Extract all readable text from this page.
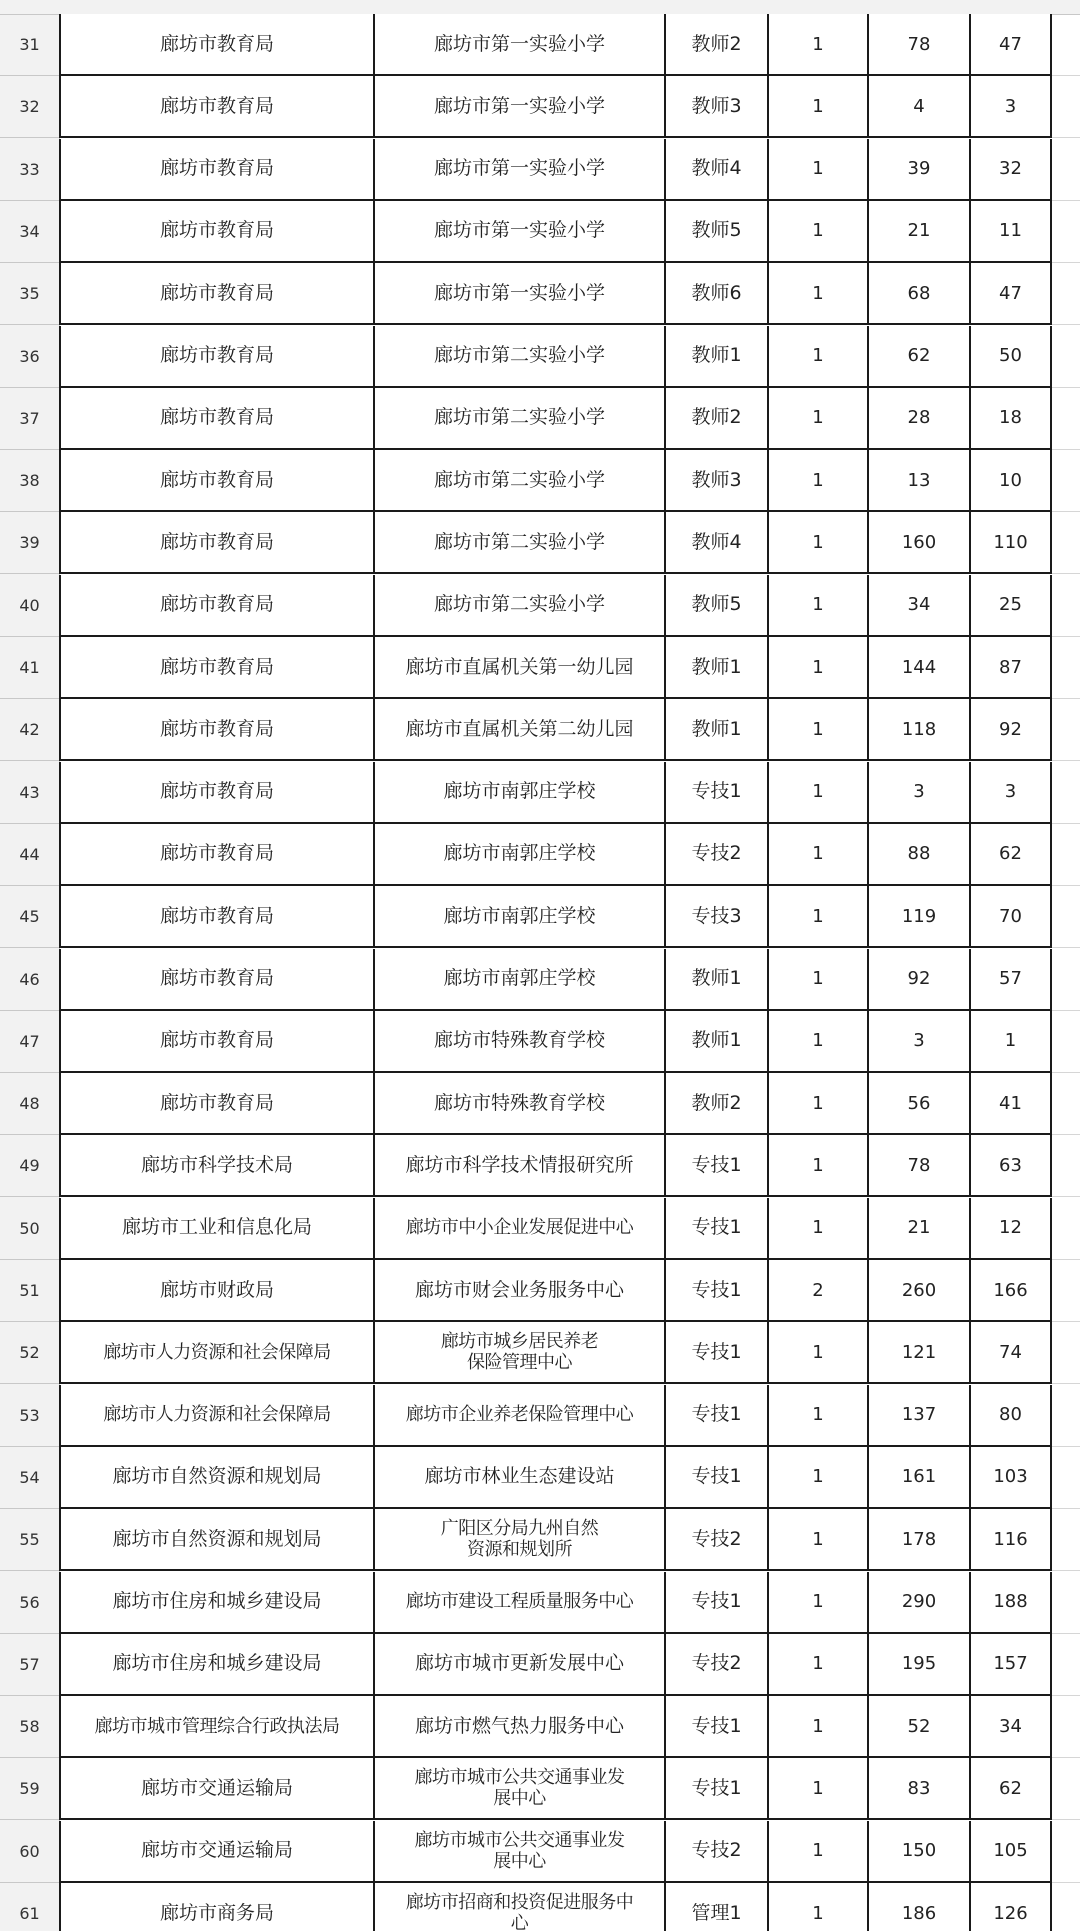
31	廊坊市教育局	廊坊市第一实验小学	教师2	1	78	47
32	廊坊市教育局	廊坊市第一实验小学	教师3	1	4	3
33	廊坊市教育局	廊坊市第一实验小学	教师4	1	39	32
34	廊坊市教育局	廊坊市第一实验小学	教师5	1	21	11
35	廊坊市教育局	廊坊市第一实验小学	教师6	1	68	47
36	廊坊市教育局	廊坊市第二实验小学	教师1	1	62	50
37	廊坊市教育局	廊坊市第二实验小学	教师2	1	28	18
38	廊坊市教育局	廊坊市第二实验小学	教师3	1	13	10
39	廊坊市教育局	廊坊市第二实验小学	教师4	1	160	110
40	廊坊市教育局	廊坊市第二实验小学	教师5	1	34	25
41	廊坊市教育局	廊坊市直属机关第一幼儿园	教师1	1	144	87
42	廊坊市教育局	廊坊市直属机关第二幼儿园	教师1	1	118	92
43	廊坊市教育局	廊坊市南郭庄学校	专技1	1	3	3
44	廊坊市教育局	廊坊市南郭庄学校	专技2	1	88	62
45	廊坊市教育局	廊坊市南郭庄学校	专技3	1	119	70
46	廊坊市教育局	廊坊市南郭庄学校	教师1	1	92	57
47	廊坊市教育局	廊坊市特殊教育学校	教师1	1	3	1
48	廊坊市教育局	廊坊市特殊教育学校	教师2	1	56	41
49	廊坊市科学技术局	廊坊市科学技术情报研究所	专技1	1	78	63
50	廊坊市工业和信息化局	廊坊市中小企业发展促进中心	专技1	1	21	12
51	廊坊市财政局	廊坊市财会业务服务中心	专技1	2	260	166
52	廊坊市人力资源和社会保障局	廊坊市城乡居民养老
保险管理中心	专技1	1	121	74
53	廊坊市人力资源和社会保障局	廊坊市企业养老保险管理中心	专技1	1	137	80
54	廊坊市自然资源和规划局	廊坊市林业生态建设站	专技1	1	161	103
55	廊坊市自然资源和规划局	广阳区分局九州自然
资源和规划所	专技2	1	178	116
56	廊坊市住房和城乡建设局	廊坊市建设工程质量服务中心	专技1	1	290	188
57	廊坊市住房和城乡建设局	廊坊市城市更新发展中心	专技2	1	195	157
58	廊坊市城市管理综合行政执法局	廊坊市燃气热力服务中心	专技1	1	52	34
59	廊坊市交通运输局	廊坊市城市公共交通事业发
展中心	专技1	1	83	62
60	廊坊市交通运输局	廊坊市城市公共交通事业发
展中心	专技2	1	150	105
61	廊坊市商务局	廊坊市招商和投资促进服务中
心	管理1	1	186	126
